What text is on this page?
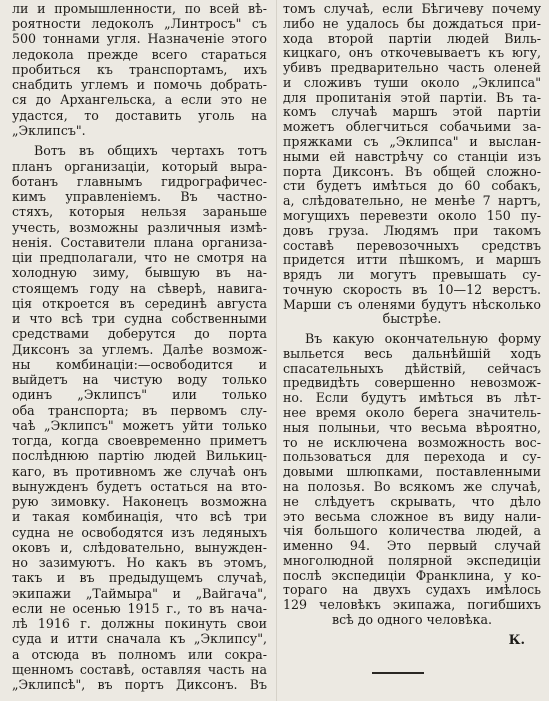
ли и промышленности, по всей вѣ-
роятности ледоколъ „Линтросъ" съ
500 тоннами угля. Назначеніе этого
ледокола прежде всего стараться
пробиться къ транспортамъ, ихъ
снабдить углемъ и помочь добрать-
ся до Архангельска, а если это не
удастся, то доставить уголь на
„Эклипсъ".
Вотъ въ общихъ чертахъ тотъ
планъ организаціи, который выра-
ботанъ главнымъ гидрографичес-
кимъ управленіемъ. Въ частно-
стяхъ, которыя нельзя зараньше
учесть, возможны различныя измѣ-
ненія. Составители плана организа-
ціи предполагали, что не смотря на
холодную зиму, бывшую въ на-
стоящемъ году на сѣверѣ, навига-
ція откроется въ серединѣ августа
и что всѣ три судна собственными
средствами доберутся до порта
Диксонъ за углемъ. Далѣе возмож-
ны комбинаціи:—освободится и
выйдетъ на чистую воду только
одинъ „Эклипсъ" или только
оба транспорта; въ первомъ слу-
чаѣ „Эклипсъ" можетъ уйти только
тогда, когда своевременно приметъ
послѣднюю партію людей Вилькиц-
каго, въ противномъ же случаѣ онъ
вынужденъ будетъ остаться на вто-
рую зимовку. Наконецъ возможна
и такая комбинація, что всѣ три
судна не освободятся изъ ледяныхъ
оковъ и, слѣдовательно, вынужден-
но зазимуютъ. Но какъ въ этомъ,
такъ и въ предыдущемъ случаѣ,
экипажи „Таймыра" и „Вайгача",
если не осенью 1915 г., то въ нача-
лѣ 1916 г. должны покинуть свои
суда и итти сначала къ „Эклипсу",
а отсюда въ полномъ или сокра-
щенномъ составѣ, оставляя часть на
„Эклипсѣ", въ портъ Диксонъ. Въ
томъ случаѣ, если Бѣгичеву почему
либо не удалось бы дождаться при-
хода второй партіи людей Виль-
кицкаго, онъ откочевываетъ къ югу,
убивъ предварительно часть оленей
и сложивъ туши около „Эклипса"
для пропитанія этой партіи. Въ та-
комъ случаѣ маршъ этой партіи
можетъ облегчиться собачьими за-
пряжками съ „Эклипса" и выслан-
ными ей навстрѣчу со станціи изъ
порта Диксонъ. Въ общей сложно-
сти будетъ имѣться до 60 собакъ,
а, слѣдовательно, не менѣе 7 нартъ,
могущихъ перевезти около 150 пу-
довъ груза. Людямъ при такомъ
составѣ перевозочныхъ средствъ
придется итти пѣшкомъ, и маршъ
врядъ ли могутъ превышать су-
точную скорость въ 10—12 верстъ.
Марши съ оленями будутъ нѣсколько
быстрѣе.
Въ какую окончательную форму
выльется весь дальнѣйшій ходъ
спасательныхъ дѣйствій, сейчасъ
предвидѣть совершенно невозмож-
но. Если будутъ имѣться въ лѣт-
нее время около берега значитель-
ныя полыньи, что весьма вѣроятно,
то не исключена возможность вос-
пользоваться для перехода и су-
довыми шлюпками, поставленными
на полозья. Во всякомъ же случаѣ,
не слѣдуетъ скрывать, что дѣло
это весьма сложное въ виду нали-
чія большого количества людей, а
именно 94. Это первый случай
многолюдной полярной экспедиціи
послѣ экспедиціи Франклина, у ко-
тораго на двухъ судахъ имѣлось
129 человѣкъ экипажа, погибшихъ
всѣ до одного человѣка.
К.
